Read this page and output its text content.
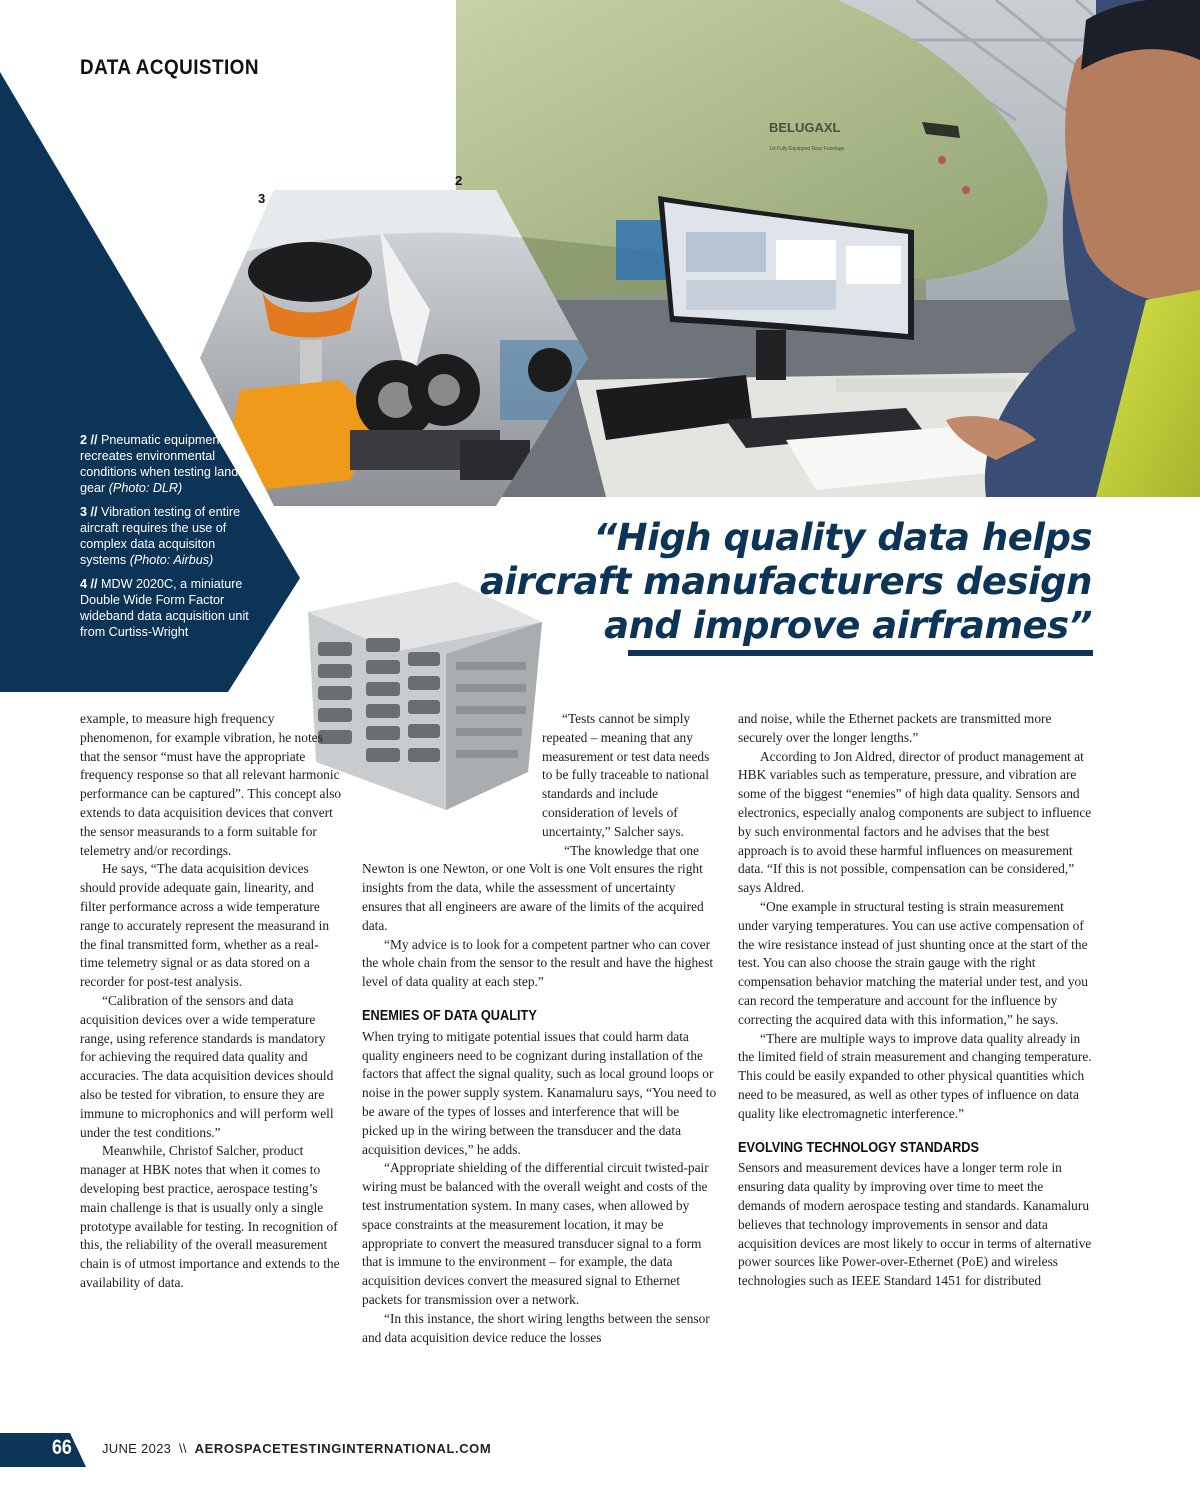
DATA ACQUISTION
BELUGAXL
1st Fully Equipped Rear Fuselage
2
3

2 // Pneumatic equipment recreates environmental conditions when testing landing gear (Photo: DLR)

3 // Vibration testing of entire aircraft requires the use of complex data acquisiton systems (Photo: Airbus)

4 // MDW 2020C, a miniature Double Wide Form Factor wideband data acquisition unit from Curtiss-Wright

“High quality data helps aircraft manufacturers design and improve airframes”

example, to measure high frequency phenomenon, for example vibration, he notes that the sensor “must have the appropriate frequency response so that all relevant harmonic performance can be captured”. This concept also extends to data acquisition devices that convert the sensor measurands to a form suitable for telemetry and/or recordings.

He says, “The data acquisition devices should provide adequate gain, linearity, and filter performance across a wide temperature range to accurately represent the measurand in the final transmitted form, whether as a real-time telemetry signal or as data stored on a recorder for post-test analysis.

“Calibration of the sensors and data acquisition devices over a wide temperature range, using reference standards is mandatory for achieving the required data quality and accuracies. The data acquisition devices should also be tested for vibration, to ensure they are immune to microphonics and will perform well under the test conditions.”

Meanwhile, Christof Salcher, product manager at HBK notes that when it comes to developing best practice, aerospace testing’s main challenge is that is usually only a single prototype available for testing. In recognition of this, the reliability of the overall measurement chain is of utmost importance and extends to the availability of data.

“Tests cannot be simply repeated – meaning that any measurement or test data needs to be fully traceable to national standards and include consideration of levels of uncertainty,” Salcher says.

“The knowledge that one Newton is one Newton, or one Volt is one Volt ensures the right insights from the data, while the assessment of uncertainty ensures that all engineers are aware of the limits of the acquired data.

“My advice is to look for a competent partner who can cover the whole chain from the sensor to the result and have the highest level of data quality at each step.”

ENEMIES OF DATA QUALITY

When trying to mitigate potential issues that could harm data quality engineers need to be cognizant during installation of the factors that affect the signal quality, such as local ground loops or noise in the power supply system. Kanamaluru says, “You need to be aware of the types of losses and interference that will be picked up in the wiring between the transducer and the data acquisition devices,” he adds.

“Appropriate shielding of the differential circuit twisted-pair wiring must be balanced with the overall weight and costs of the test instrumentation system. In many cases, when allowed by space constraints at the measurement location, it may be appropriate to convert the measured transducer signal to a form that is immune to the environment – for example, the data acquisition devices convert the measured signal to Ethernet packets for transmission over a network.

“In this instance, the short wiring lengths between the sensor and data acquisition device reduce the losses

and noise, while the Ethernet packets are transmitted more securely over the longer lengths.”

According to Jon Aldred, director of product management at HBK variables such as temperature, pressure, and vibration are some of the biggest “enemies” of high data quality. Sensors and electronics, especially analog components are subject to influence by such environmental factors and he advises that the best approach is to avoid these harmful influences on measurement data. “If this is not possible, compensation can be considered,” says Aldred.

“One example in structural testing is strain measurement under varying temperatures. You can use active compensation of the wire resistance instead of just shunting once at the start of the test. You can also choose the strain gauge with the right compensation behavior matching the material under test, and you can record the temperature and account for the influence by correcting the acquired data with this information,” he says.

“There are multiple ways to improve data quality already in the limited field of strain measurement and changing temperature. This could be easily expanded to other physical quantities which need to be measured, as well as other types of influence on data quality like electromagnetic interference.”

EVOLVING TECHNOLOGY STANDARDS

Sensors and measurement devices have a longer term role in ensuring data quality by improving over time to meet the demands of modern aerospace testing and standards. Kanamaluru believes that technology improvements in sensor and data acquisition devices are most likely to occur in terms of alternative power sources like Power-over-Ethernet (PoE) and wireless technologies such as IEEE Standard 1451 for distributed

66 JUNE 2023 \\ AEROSPACETESTINGINTERNATIONAL.COM
